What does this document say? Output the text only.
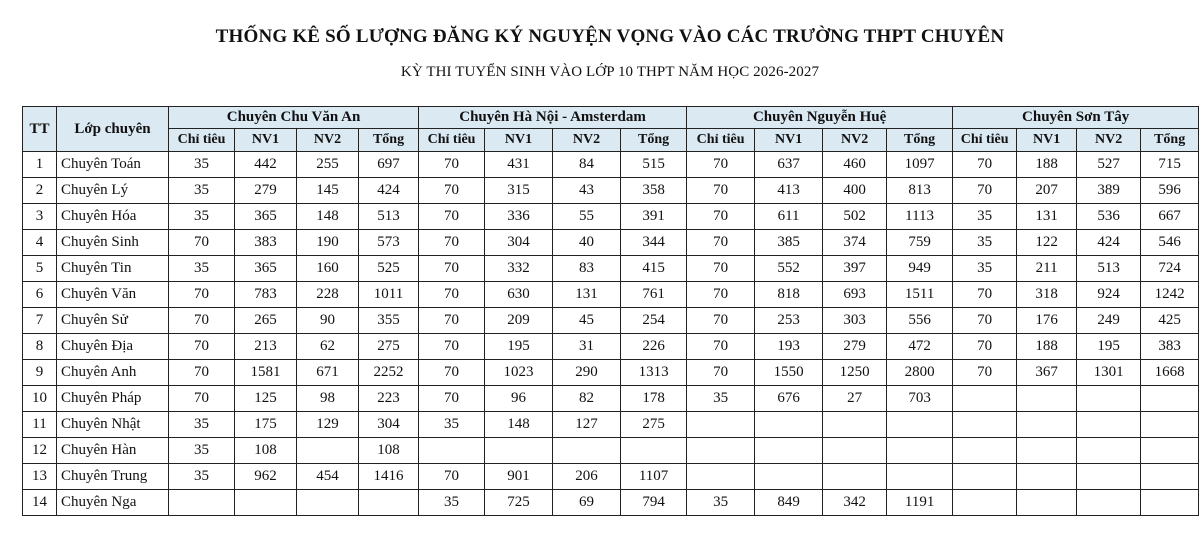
THỐNG KÊ SỐ LƯỢNG ĐĂNG KÝ NGUYỆN VỌNG VÀO CÁC TRƯỜNG THPT CHUYÊN
KỲ THI TUYỂN SINH VÀO LỚP 10 THPT NĂM HỌC 2026-2027
TT	Lớp chuyên	Chuyên Chu Văn An				Chuyên Hà Nội - Amsterdam				Chuyên Nguyễn Huệ				Chuyên Sơn Tây			
		Chỉ tiêu	NV1	NV2	Tổng	Chỉ tiêu	NV1	NV2	Tổng	Chỉ tiêu	NV1	NV2	Tổng	Chỉ tiêu	NV1	NV2	Tổng
1	Chuyên Toán	35	442	255	697	70	431	84	515	70	637	460	1097	70	188	527	715
2	Chuyên Lý	35	279	145	424	70	315	43	358	70	413	400	813	70	207	389	596
3	Chuyên Hóa	35	365	148	513	70	336	55	391	70	611	502	1113	35	131	536	667
4	Chuyên Sinh	70	383	190	573	70	304	40	344	70	385	374	759	35	122	424	546
5	Chuyên Tin	35	365	160	525	70	332	83	415	70	552	397	949	35	211	513	724
6	Chuyên Văn	70	783	228	1011	70	630	131	761	70	818	693	1511	70	318	924	1242
7	Chuyên Sử	70	265	90	355	70	209	45	254	70	253	303	556	70	176	249	425
8	Chuyên Địa	70	213	62	275	70	195	31	226	70	193	279	472	70	188	195	383
9	Chuyên Anh	70	1581	671	2252	70	1023	290	1313	70	1550	1250	2800	70	367	1301	1668
10	Chuyên Pháp	70	125	98	223	70	96	82	178	35	676	27	703				
11	Chuyên Nhật	35	175	129	304	35	148	127	275								
12	Chuyên Hàn	35	108		108												
13	Chuyên Trung	35	962	454	1416	70	901	206	1107								
14	Chuyên Nga					35	725	69	794	35	849	342	1191				
